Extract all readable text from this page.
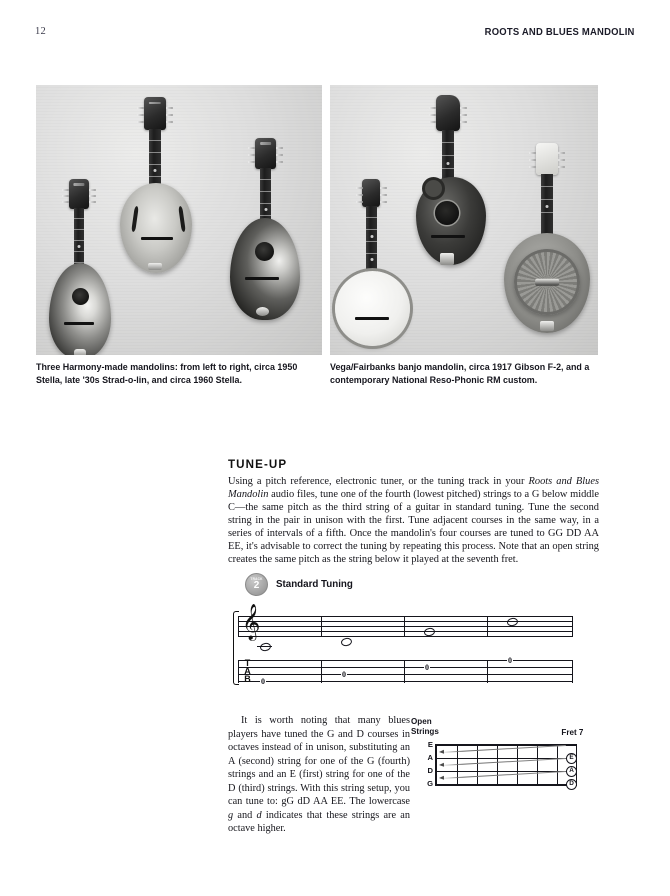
12	ROOTS AND BLUES MANDOLIN
Three Harmony-made mandolins: from left to right, circa 1950 Stella, late '30s Strad-o-lin, and circa 1960 Stella.
Vega/Fairbanks banjo mandolin, circa 1917 Gibson F-2, and a contemporary National Reso-Phonic RM custom.
TUNE-UP
Using a pitch reference, electronic tuner, or the tuning track in your Roots and Blues Mandolin audio files, tune one of the fourth (lowest pitched) strings to a G below middle C—the same pitch as the third string of a guitar in standard tuning. Tune the second string in the pair in unison with the first. Tune adjacent courses in the same way, in a series of intervals of a fifth. Once the mandolin's four courses are tuned to GG DD AA EE, it's advisable to correct the tuning by repeating this process. Note that an open string creates the same pitch as the string below it played at the seventh fret.
TRACK
2 Standard Tuning
𝄞
T
A
B	0
0
0
0
It is worth noting that many blues players have tuned the G and D courses in octaves instead of in unison, substituting an A (second) string for one of the G (fourth) strings and an E (first) string for one of the D (third) strings. With this string setup, you can tune to: gG dD AA EE. The lowercase g and d indicates that these strings are an octave higher.
Open
Strings	Fret 7
E
A
D
G
E
A
D
